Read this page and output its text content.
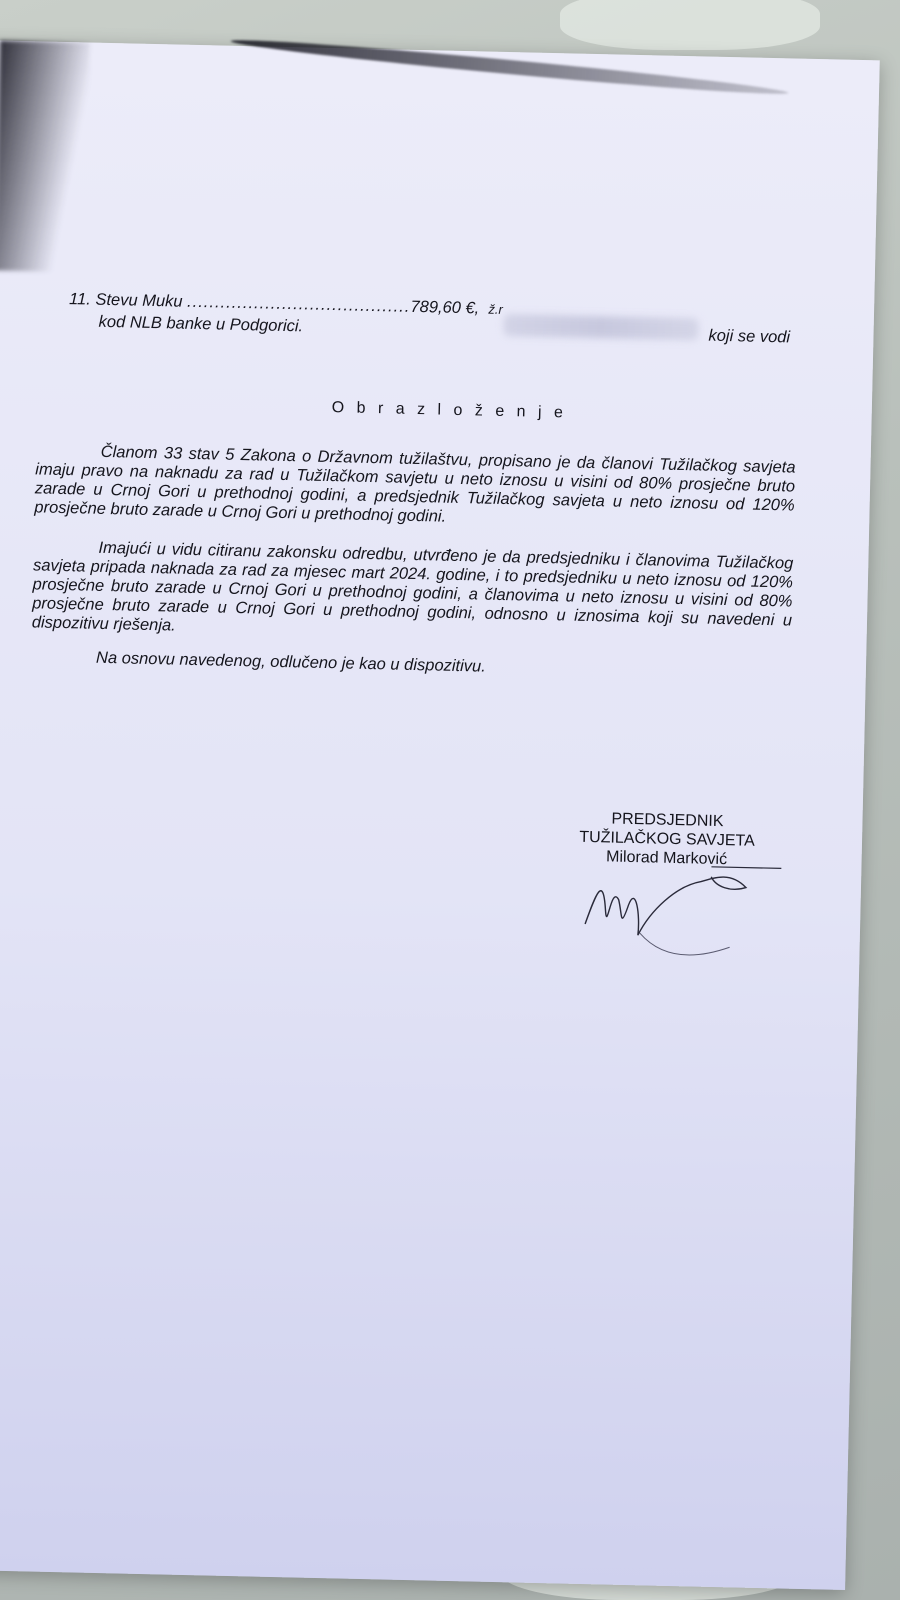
11. Stevu Muku ........................................789,60 €, ž.r
koji se vodi
kod NLB banke u Podgorici.
O b r a z l o ž e n j e
Članom 33 stav 5 Zakona o Državnom tužilaštvu, propisano je da članovi Tužilačkog savjeta imaju pravo na naknadu za rad u Tužilačkom savjetu u neto iznosu u visini od 80% prosječne bruto zarade u Crnoj Gori u prethodnoj godini, a predsjednik Tužilačkog savjeta u neto iznosu od 120% prosječne bruto zarade u Crnoj Gori u prethodnoj godini.
Imajući u vidu citiranu zakonsku odredbu, utvrđeno je da predsjedniku i članovima Tužilačkog savjeta pripada naknada za rad za mjesec mart 2024. godine, i to predsjedniku u neto iznosu od 120% prosječne bruto zarade u Crnoj Gori u prethodnoj godini, a članovima u neto iznosu u visini od 80% prosječne bruto zarade u Crnoj Gori u prethodnoj godini, odnosno u iznosima koji su navedeni u dispozitivu rješenja.
Na osnovu navedenog, odlučeno je kao u dispozitivu.
PREDSJEDNIK
TUŽILAČKOG SAVJETA
Milorad Marković
